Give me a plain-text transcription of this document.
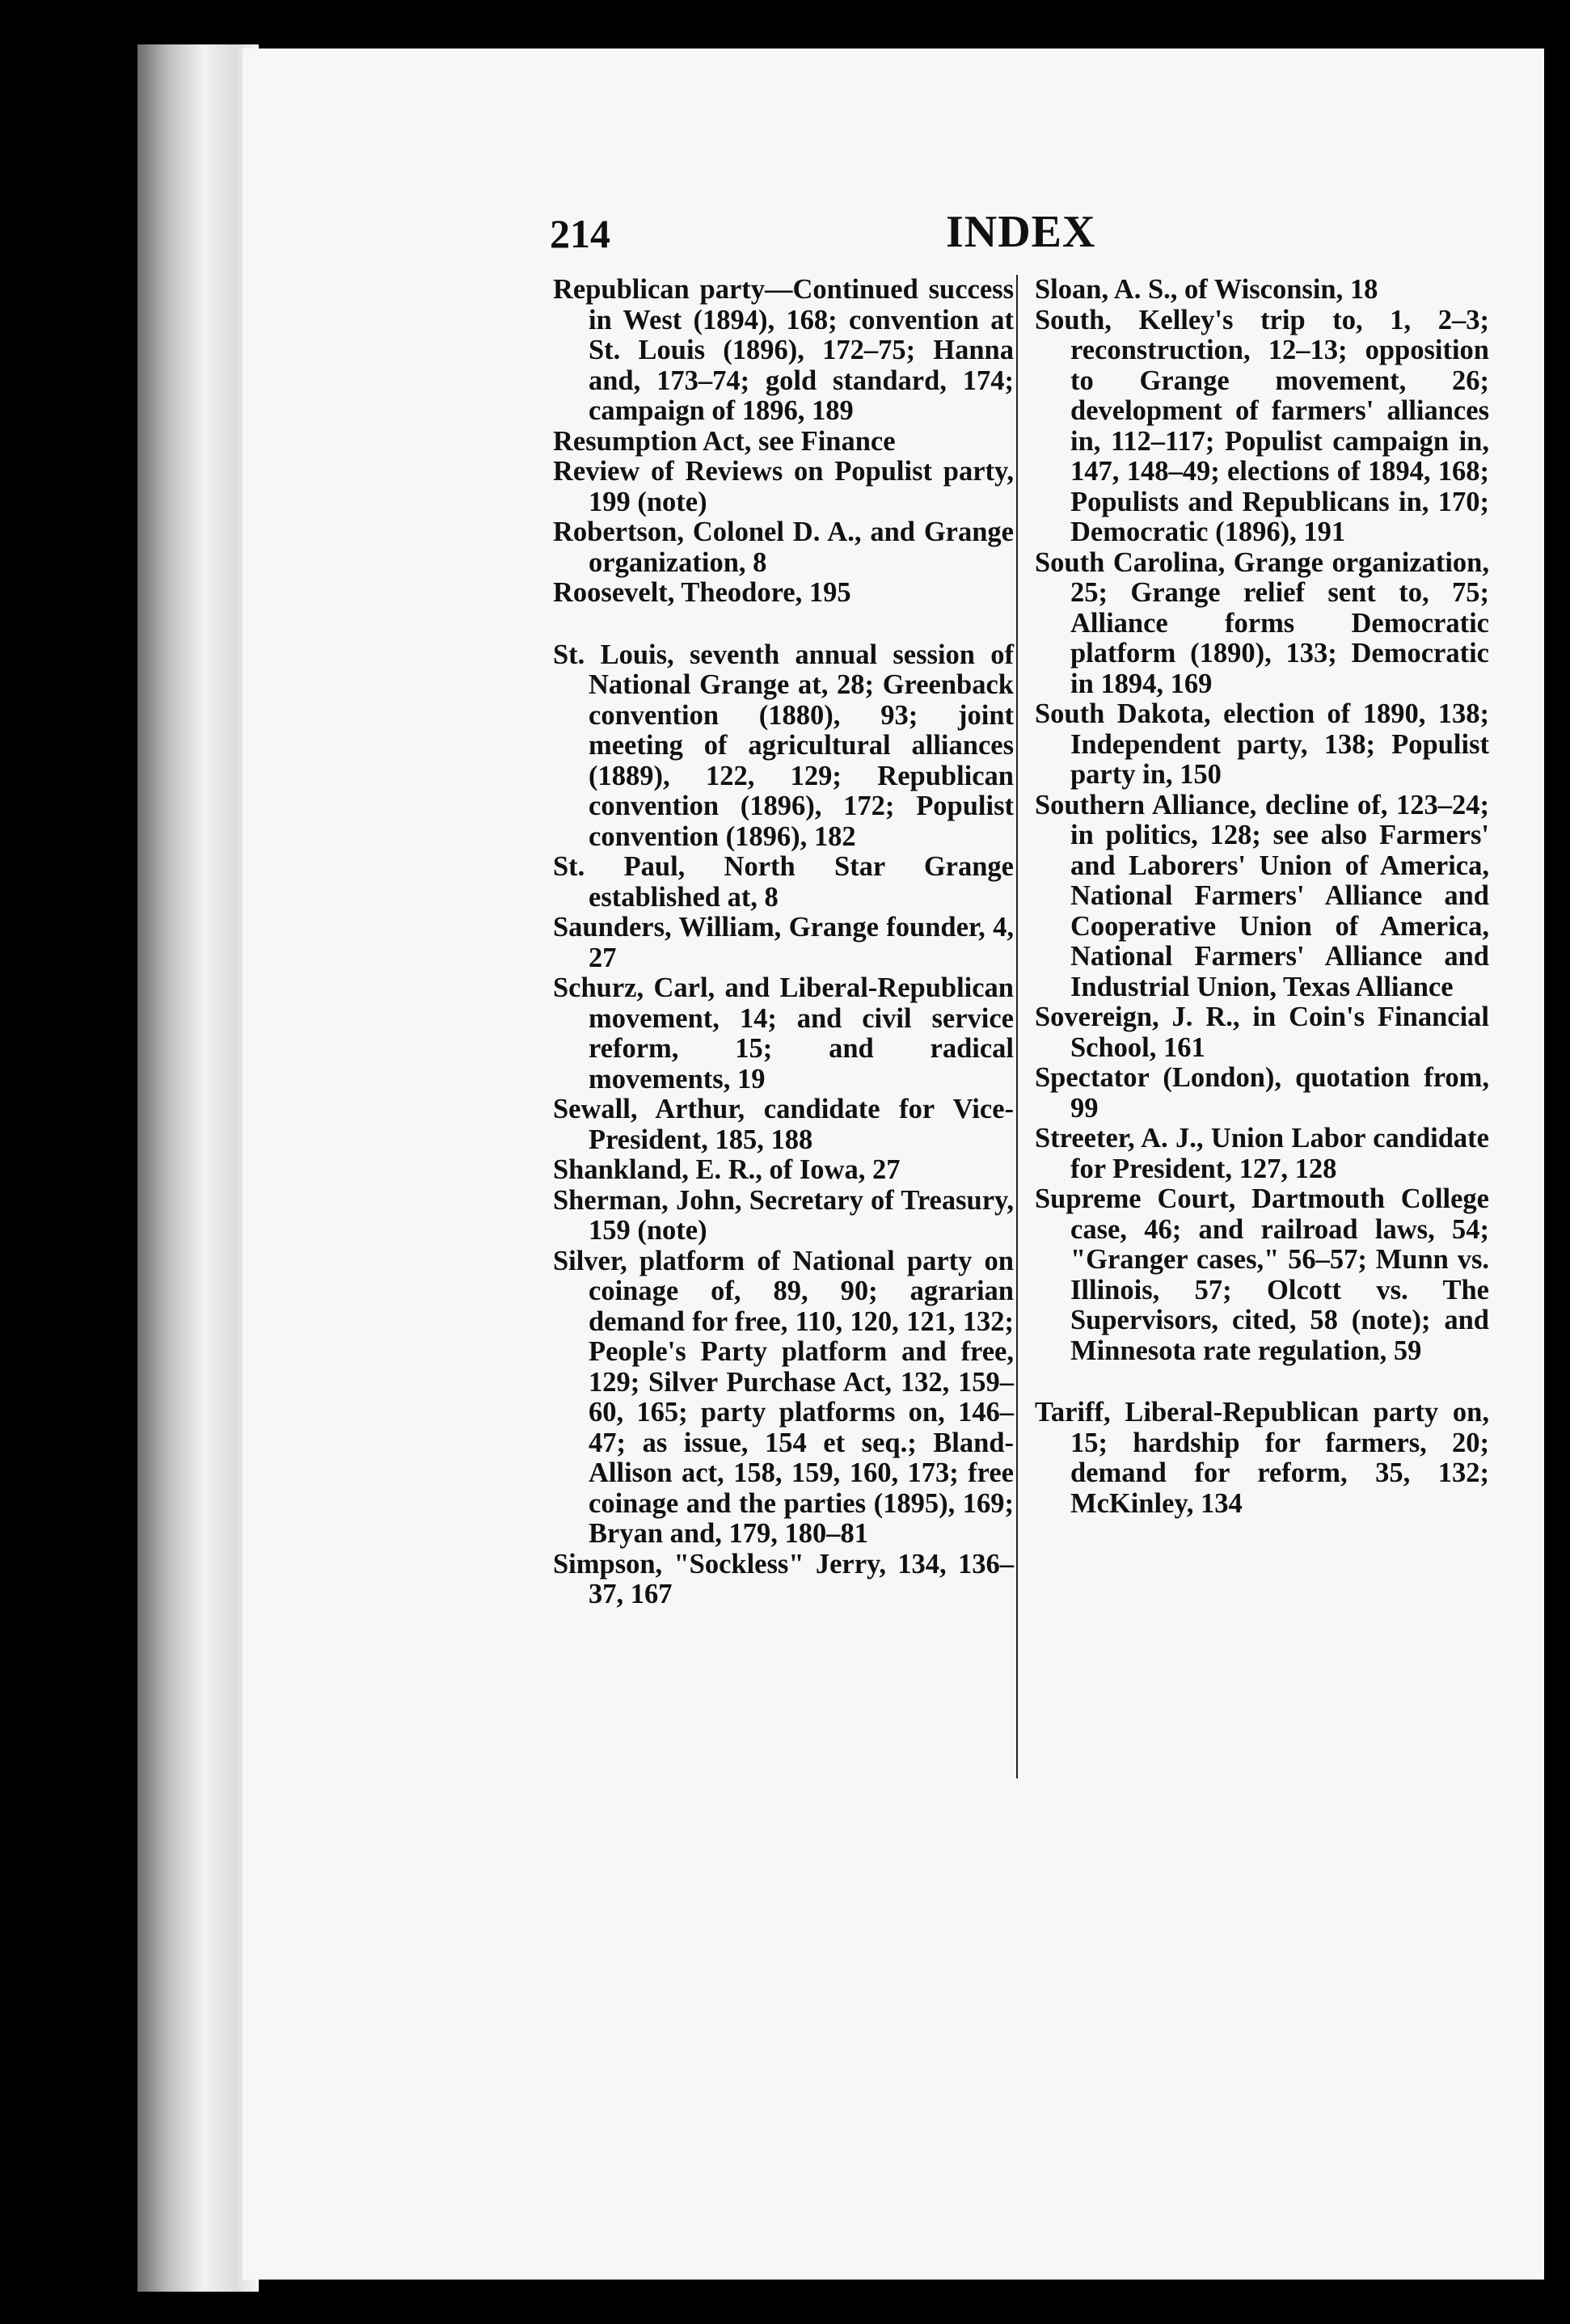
214	INDEX
Republican party—Continued success in West (1894), 168; convention at St. Louis (1896), 172–75; Hanna and, 173–74; gold standard, 174; campaign of 1896, 189
Resumption Act, see Finance
Review of Reviews on Populist party, 199 (note)
Robertson, Colonel D. A., and Grange organization, 8
Roosevelt, Theodore, 195
St. Louis, seventh annual session of National Grange at, 28; Greenback convention (1880), 93; joint meeting of agricultural alliances (1889), 122, 129; Republican convention (1896), 172; Populist convention (1896), 182
St. Paul, North Star Grange established at, 8
Saunders, William, Grange founder, 4, 27
Schurz, Carl, and Liberal-Republican movement, 14; and civil service reform, 15; and radical movements, 19
Sewall, Arthur, candidate for Vice-President, 185, 188
Shankland, E. R., of Iowa, 27
Sherman, John, Secretary of Treasury, 159 (note)
Silver, platform of National party on coinage of, 89, 90; agrarian demand for free, 110, 120, 121, 132; People's Party platform and free, 129; Silver Purchase Act, 132, 159–60, 165; party platforms on, 146–47; as issue, 154 et seq.; Bland-Allison act, 158, 159, 160, 173; free coinage and the parties (1895), 169; Bryan and, 179, 180–81
Simpson, "Sockless" Jerry, 134, 136–37, 167
Sloan, A. S., of Wisconsin, 18
South, Kelley's trip to, 1, 2–3; reconstruction, 12–13; opposition to Grange movement, 26; development of farmers' alliances in, 112–117; Populist campaign in, 147, 148–49; elections of 1894, 168; Populists and Republicans in, 170; Democratic (1896), 191
South Carolina, Grange organization, 25; Grange relief sent to, 75; Alliance forms Democratic platform (1890), 133; Democratic in 1894, 169
South Dakota, election of 1890, 138; Independent party, 138; Populist party in, 150
Southern Alliance, decline of, 123–24; in politics, 128; see also Farmers' and Laborers' Union of America, National Farmers' Alliance and Cooperative Union of America, National Farmers' Alliance and Industrial Union, Texas Alliance
Sovereign, J. R., in Coin's Financial School, 161
Spectator (London), quotation from, 99
Streeter, A. J., Union Labor candidate for President, 127, 128
Supreme Court, Dartmouth College case, 46; and railroad laws, 54; "Granger cases," 56–57; Munn vs. Illinois, 57; Olcott vs. The Supervisors, cited, 58 (note); and Minnesota rate regulation, 59
Tariff, Liberal-Republican party on, 15; hardship for farmers, 20; demand for reform, 35, 132; McKinley, 134
